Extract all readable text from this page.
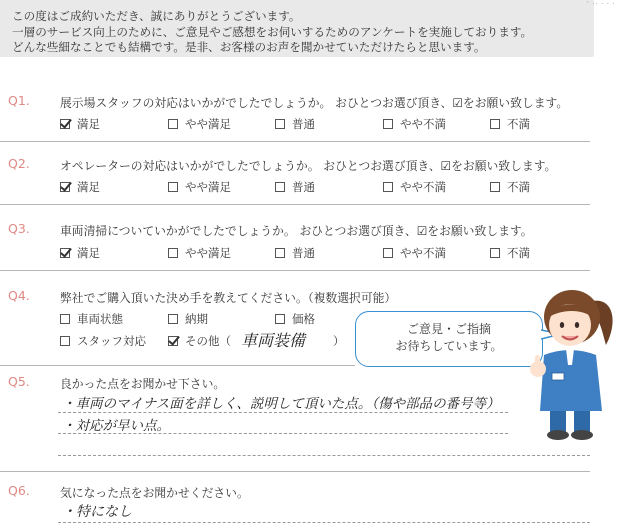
この度はご成約いただき、誠にありがとうございます。
一層のサービス向上のために、ご意見やご感想をお伺いするためのアンケートを実施しております。
どんな些細なことでも結構です。是非、お客様のお声を聞かせていただけたらと思います。
- .. . . .
Q1.	展示場スタッフの対応はいかがでしたでしょうか。 おひとつお選び頂き、☑をお願い致します。
満足	やや満足	普通	やや不満	不満
Q2.	オペレーターの対応はいかがでしたでしょうか。 おひとつお選び頂き、☑をお願い致します。
満足	やや満足	普通	やや不満	不満
Q3.	車両清掃についていかがでしたでしょうか。 おひとつお選び頂き、☑をお願い致します。
満足	やや満足	普通	やや不満	不満
Q4.	弊社でご購入頂いた決め手を教えてください。（複数選択可能）
車両状態	納期	価格
スタッフ対応	その他（ 車両装備 ）
ご意見・ご指摘
お待ちしています。
Q5.	良かった点をお聞かせ下さい。
・車両のマイナス面を詳しく、説明して頂いた点。（傷や部品の番号等）
・対応が早い点。
Q6.	気になった点をお聞かせください。
・特になし
